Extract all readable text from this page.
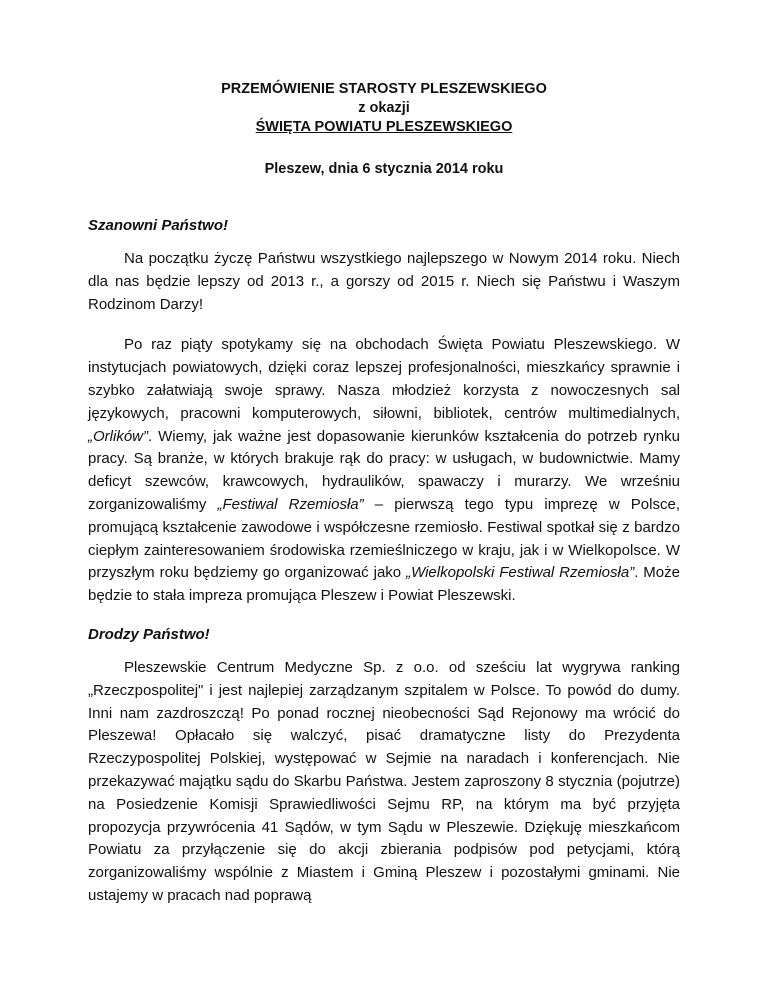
PRZEMÓWIENIE STAROSTY PLESZEWSKIEGO
z okazji
ŚWIĘTA POWIATU PLESZEWSKIEGO
Pleszew, dnia 6 stycznia 2014 roku
Szanowni Państwo!

Na początku życzę Państwu wszystkiego najlepszego w Nowym 2014 roku. Niech dla nas będzie lepszy od 2013 r., a gorszy od 2015 r. Niech się Państwu i Waszym Rodzinom Darzy!

Po raz piąty spotykamy się na obchodach Święta Powiatu Pleszewskiego. W instytucjach powiatowych, dzięki coraz lepszej profesjonalności, mieszkańcy sprawnie i szybko załatwiają swoje sprawy. Nasza młodzież korzysta z nowoczesnych sal językowych, pracowni komputerowych, siłowni, bibliotek, centrów multimedialnych, „Orlików”. Wiemy, jak ważne jest dopasowanie kierunków kształcenia do potrzeb rynku pracy. Są branże, w których brakuje rąk do pracy: w usługach, w budownictwie. Mamy deficyt szewców, krawcowych, hydraulików, spawaczy i murarzy. We wrześniu zorganizowaliśmy „Festiwal Rzemiosła” – pierwszą tego typu imprezę w Polsce, promującą kształcenie zawodowe i współczesne rzemiosło. Festiwal spotkał się z bardzo ciepłym zainteresowaniem środowiska rzemieślniczego w kraju, jak i w Wielkopolsce. W przyszłym roku będziemy go organizować jako „Wielkopolski Festiwal Rzemiosła”. Może będzie to stała impreza promująca Pleszew i Powiat Pleszewski.

Drodzy Państwo!

Pleszewskie Centrum Medyczne Sp. z o.o. od sześciu lat wygrywa ranking „Rzeczpospolitej" i jest najlepiej zarządzanym szpitalem w Polsce. To powód do dumy. Inni nam zazdroszczą! Po ponad rocznej nieobecności Sąd Rejonowy ma wrócić do Pleszewa! Opłacało się walczyć, pisać dramatyczne listy do Prezydenta Rzeczypospolitej Polskiej, występować w Sejmie na naradach i konferencjach. Nie przekazywać majątku sądu do Skarbu Państwa. Jestem zaproszony 8 stycznia (pojutrze) na Posiedzenie Komisji Sprawiedliwości Sejmu RP, na którym ma być przyjęta propozycja przywrócenia 41 Sądów, w tym Sądu w Pleszewie. Dziękuję mieszkańcom Powiatu za przyłączenie się do akcji zbierania podpisów pod petycjami, którą zorganizowaliśmy wspólnie z Miastem i Gminą Pleszew i pozostałymi gminami. Nie ustajemy w pracach nad poprawą
